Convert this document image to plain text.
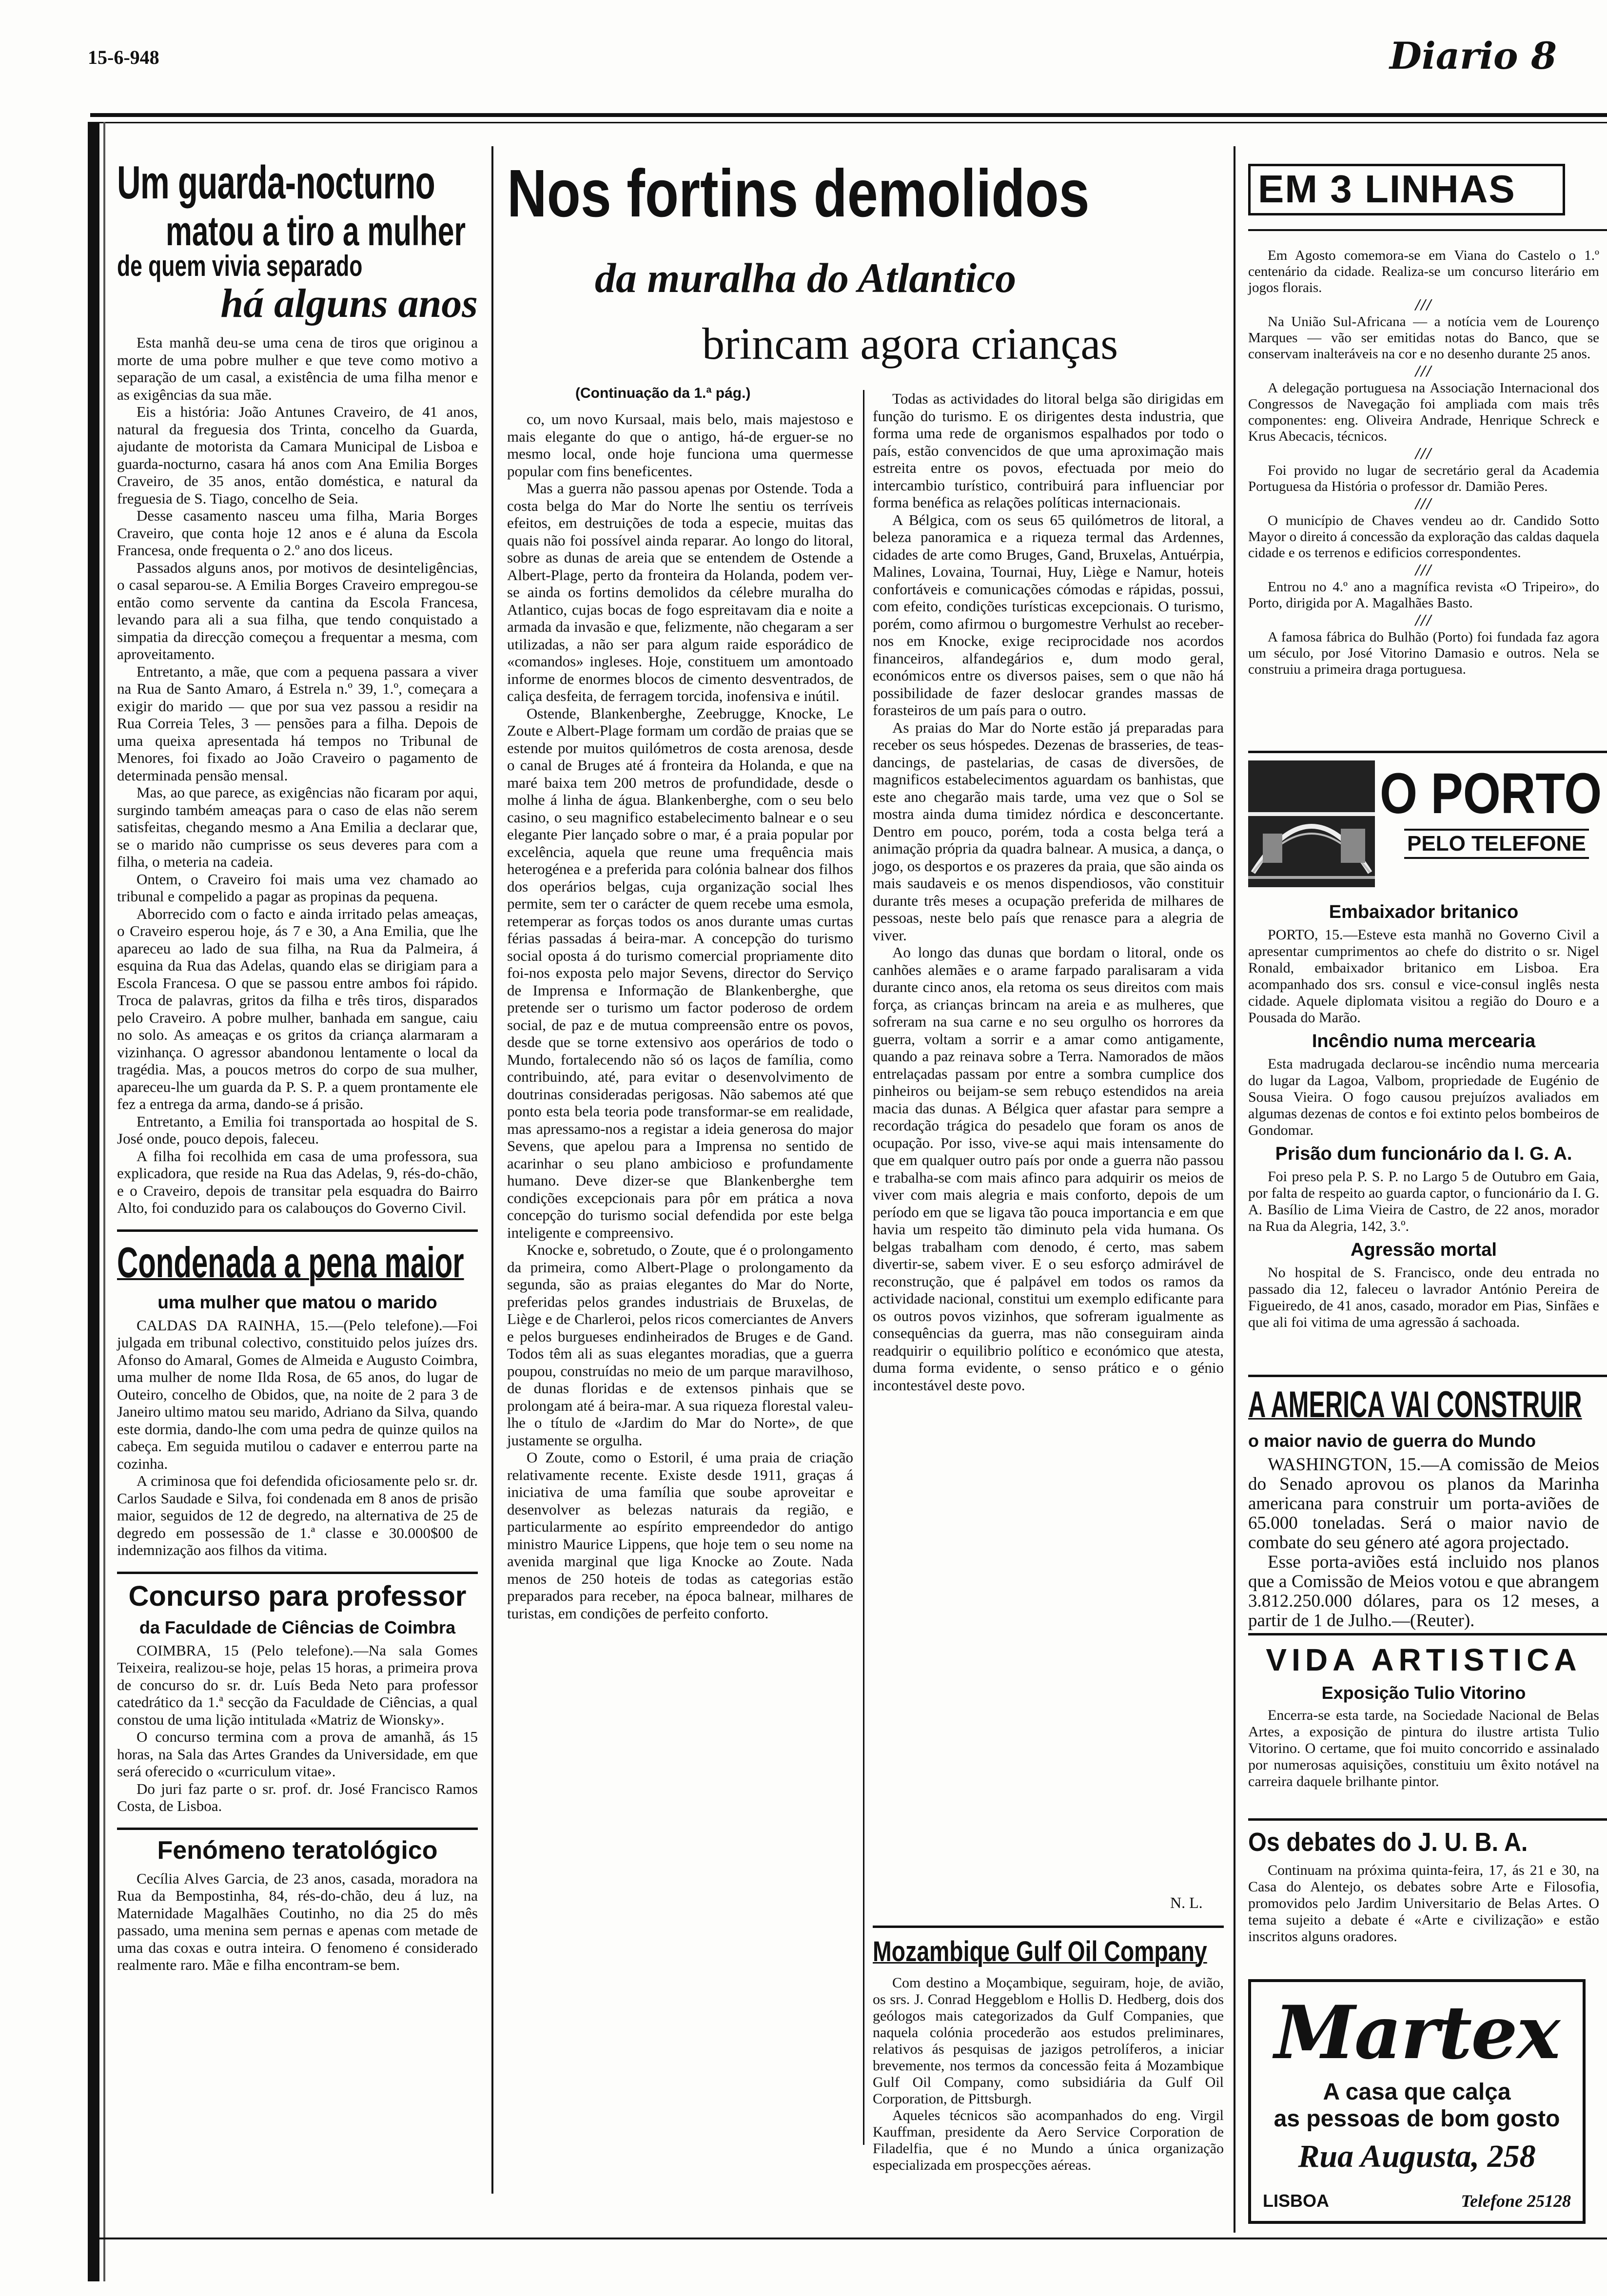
15-6-948	Diario 8
Um guarda-nocturno
matou a tiro a mulher
de quem vivia separado
há alguns anos

Esta manhã deu-se uma cena de tiros que originou a morte de uma pobre mulher e que teve como motivo a separação de um casal, a existência de uma filha menor e as exigências da sua mãe.

Eis a história: João Antunes Craveiro, de 41 anos, natural da freguesia dos Trinta, concelho da Guarda, ajudante de motorista da Camara Municipal de Lisboa e guarda-nocturno, casara há anos com Ana Emilia Borges Craveiro, de 35 anos, então doméstica, e natural da freguesia de S. Tiago, concelho de Seia.

Desse casamento nasceu uma filha, Maria Borges Craveiro, que conta hoje 12 anos e é aluna da Escola Francesa, onde frequenta o 2.º ano dos liceus.

Passados alguns anos, por motivos de desinteligências, o casal separou-se. A Emilia Borges Craveiro empregou-se então como servente da cantina da Escola Francesa, levando para ali a sua filha, que tendo conquistado a simpatia da direcção começou a frequentar a mesma, com aproveitamento.

Entretanto, a mãe, que com a pequena passara a viver na Rua de Santo Amaro, á Estrela n.º 39, 1.º, começara a exigir do marido — que por sua vez passou a residir na Rua Correia Teles, 3 — pensões para a filha. Depois de uma queixa apresentada há tempos no Tribunal de Menores, foi fixado ao João Craveiro o pagamento de determinada pensão mensal.

Mas, ao que parece, as exigências não ficaram por aqui, surgindo também ameaças para o caso de elas não serem satisfeitas, chegando mesmo a Ana Emilia a declarar que, se o marido não cumprisse os seus deveres para com a filha, o meteria na cadeia.

Ontem, o Craveiro foi mais uma vez chamado ao tribunal e compelido a pagar as propinas da pequena.

Aborrecido com o facto e ainda irritado pelas ameaças, o Craveiro esperou hoje, ás 7 e 30, a Ana Emilia, que lhe apareceu ao lado de sua filha, na Rua da Palmeira, á esquina da Rua das Adelas, quando elas se dirigiam para a Escola Francesa. O que se passou entre ambos foi rápido. Troca de palavras, gritos da filha e três tiros, disparados pelo Craveiro. A pobre mulher, banhada em sangue, caiu no solo. As ameaças e os gritos da criança alarmaram a vizinhança. O agressor abandonou lentamente o local da tragédia. Mas, a poucos metros do corpo de sua mulher, apareceu-lhe um guarda da P. S. P. a quem prontamente ele fez a entrega da arma, dando-se á prisão.

Entretanto, a Emilia foi transportada ao hospital de S. José onde, pouco depois, faleceu.

A filha foi recolhida em casa de uma professora, sua explicadora, que reside na Rua das Adelas, 9, rés-do-chão, e o Craveiro, depois de transitar pela esquadra do Bairro Alto, foi conduzido para os calabouços do Governo Civil.

Condenada a pena maior
uma mulher que matou o marido

CALDAS DA RAINHA, 15.—(Pelo telefone).—Foi julgada em tribunal colectivo, constituido pelos juízes drs. Afonso do Amaral, Gomes de Almeida e Augusto Coimbra, uma mulher de nome Ilda Rosa, de 65 anos, do lugar de Outeiro, concelho de Obidos, que, na noite de 2 para 3 de Janeiro ultimo matou seu marido, Adriano da Silva, quando este dormia, dando-lhe com uma pedra de quinze quilos na cabeça. Em seguida mutilou o cadaver e enterrou parte na cozinha.

A criminosa que foi defendida oficiosamente pelo sr. dr. Carlos Saudade e Silva, foi condenada em 8 anos de prisão maior, seguidos de 12 de degredo, na alternativa de 25 de degredo em possessão de 1.ª classe e 30.000$00 de indemnização aos filhos da vitima.

Concurso para professor
da Faculdade de Ciências de Coimbra

COIMBRA, 15 (Pelo telefone).—Na sala Gomes Teixeira, realizou-se hoje, pelas 15 horas, a primeira prova de concurso do sr. dr. Luís Beda Neto para professor catedrático da 1.ª secção da Faculdade de Ciências, a qual constou de uma lição intitulada «Matriz de Wionsky».

O concurso termina com a prova de amanhã, ás 15 horas, na Sala das Artes Grandes da Universidade, em que será oferecido o «curriculum vitae».

Do juri faz parte o sr. prof. dr. José Francisco Ramos Costa, de Lisboa.

Fenómeno teratológico

Cecília Alves Garcia, de 23 anos, casada, moradora na Rua da Bempostinha, 84, rés-do-chão, deu á luz, na Maternidade Magalhães Coutinho, no dia 25 do mês passado, uma menina sem pernas e apenas com metade de uma das coxas e outra inteira. O fenomeno é considerado realmente raro. Mãe e filha encontram-se bem.

Nos fortins demolidos
da muralha do Atlantico
brincam agora crianças
(Continuação da 1.ª pág.)

co, um novo Kursaal, mais belo, mais majestoso e mais elegante do que o antigo, há-de erguer-se no mesmo local, onde hoje funciona uma quermesse popular com fins beneficentes.

Mas a guerra não passou apenas por Ostende. Toda a costa belga do Mar do Norte lhe sentiu os terríveis efeitos, em destruições de toda a especie, muitas das quais não foi possível ainda reparar. Ao longo do litoral, sobre as dunas de areia que se entendem de Ostende a Albert-Plage, perto da fronteira da Holanda, podem ver-se ainda os fortins demolidos da célebre muralha do Atlantico, cujas bocas de fogo espreitavam dia e noite a armada da invasão e que, felizmente, não chegaram a ser utilizadas, a não ser para algum raide esporádico de «comandos» ingleses. Hoje, constituem um amontoado informe de enormes blocos de cimento desventrados, de caliça desfeita, de ferragem torcida, inofensiva e inútil.

Ostende, Blankenberghe, Zeebrugge, Knocke, Le Zoute e Albert-Plage formam um cordão de praias que se estende por muitos quilómetros de costa arenosa, desde o canal de Bruges até á fronteira da Holanda, e que na maré baixa tem 200 metros de profundidade, desde o molhe á linha de água. Blankenberghe, com o seu belo casino, o seu magnifico estabelecimento balnear e o seu elegante Pier lançado sobre o mar, é a praia popular por excelência, aquela que reune uma frequência mais heterogénea e a preferida para colónia balnear dos filhos dos operários belgas, cuja organização social lhes permite, sem ter o carácter de quem recebe uma esmola, retemperar as forças todos os anos durante umas curtas férias passadas á beira-mar. A concepção do turismo social oposta á do turismo comercial propriamente dito foi-nos exposta pelo major Sevens, director do Serviço de Imprensa e Informação de Blankenberghe, que pretende ser o turismo um factor poderoso de ordem social, de paz e de mutua compreensão entre os povos, desde que se torne extensivo aos operários de todo o Mundo, fortalecendo não só os laços de família, como contribuindo, até, para evitar o desenvolvimento de doutrinas consideradas perigosas. Não sabemos até que ponto esta bela teoria pode transformar-se em realidade, mas apressamo-nos a registar a ideia generosa do major Sevens, que apelou para a Imprensa no sentido de acarinhar o seu plano ambicioso e profundamente humano. Deve dizer-se que Blankenberghe tem condições excepcionais para pôr em prática a nova concepção do turismo social defendida por este belga inteligente e compreensivo.

Knocke e, sobretudo, o Zoute, que é o prolongamento da primeira, como Albert-Plage o prolongamento da segunda, são as praias elegantes do Mar do Norte, preferidas pelos grandes industriais de Bruxelas, de Liège e de Charleroi, pelos ricos comerciantes de Anvers e pelos burgueses endinheirados de Bruges e de Gand. Todos têm ali as suas elegantes moradias, que a guerra poupou, construídas no meio de um parque maravilhoso, de dunas floridas e de extensos pinhais que se prolongam até á beira-mar. A sua riqueza florestal valeu-lhe o título de «Jardim do Mar do Norte», de que justamente se orgulha.

O Zoute, como o Estoril, é uma praia de criação relativamente recente. Existe desde 1911, graças á iniciativa de uma família que soube aproveitar e desenvolver as belezas naturais da região, e particularmente ao espírito empreendedor do antigo ministro Maurice Lippens, que hoje tem o seu nome na avenida marginal que liga Knocke ao Zoute. Nada menos de 250 hoteis de todas as categorias estão preparados para receber, na época balnear, milhares de turistas, em condições de perfeito conforto.

Todas as actividades do litoral belga são dirigidas em função do turismo. E os dirigentes desta industria, que forma uma rede de organismos espalhados por todo o país, estão convencidos de que uma aproximação mais estreita entre os povos, efectuada por meio do intercambio turístico, contribuirá para influenciar por forma benéfica as relações políticas internacionais.

A Bélgica, com os seus 65 quilómetros de litoral, a beleza panoramica e a riqueza termal das Ardennes, cidades de arte como Bruges, Gand, Bruxelas, Antuérpia, Malines, Lovaina, Tournai, Huy, Liège e Namur, hoteis confortáveis e comunicações cómodas e rápidas, possui, com efeito, condições turísticas excepcionais. O turismo, porém, como afirmou o burgomestre Verhulst ao receber-nos em Knocke, exige reciprocidade nos acordos financeiros, alfandegários e, dum modo geral, económicos entre os diversos paises, sem o que não há possibilidade de fazer deslocar grandes massas de forasteiros de um país para o outro.

As praias do Mar do Norte estão já preparadas para receber os seus hóspedes. Dezenas de brasseries, de teas-dancings, de pastelarias, de casas de diversões, de magnificos estabelecimentos aguardam os banhistas, que este ano chegarão mais tarde, uma vez que o Sol se mostra ainda duma timidez nórdica e desconcertante. Dentro em pouco, porém, toda a costa belga terá a animação própria da quadra balnear. A musica, a dança, o jogo, os desportos e os prazeres da praia, que são ainda os mais saudaveis e os menos dispendiosos, vão constituir durante três meses a ocupação preferida de milhares de pessoas, neste belo país que renasce para a alegria de viver.

Ao longo das dunas que bordam o litoral, onde os canhões alemães e o arame farpado paralisaram a vida durante cinco anos, ela retoma os seus direitos com mais força, as crianças brincam na areia e as mulheres, que sofreram na sua carne e no seu orgulho os horrores da guerra, voltam a sorrir e a amar como antigamente, quando a paz reinava sobre a Terra. Namorados de mãos entrelaçadas passam por entre a sombra cumplice dos pinheiros ou beijam-se sem rebuço estendidos na areia macia das dunas. A Bélgica quer afastar para sempre a recordação trágica do pesadelo que foram os anos de ocupação. Por isso, vive-se aqui mais intensamente do que em qualquer outro país por onde a guerra não passou e trabalha-se com mais afinco para adquirir os meios de viver com mais alegria e mais conforto, depois de um período em que se ligava tão pouca importancia e em que havia um respeito tão diminuto pela vida humana. Os belgas trabalham com denodo, é certo, mas sabem divertir-se, sabem viver. E o seu esforço admirável de reconstrução, que é palpável em todos os ramos da actividade nacional, constitui um exemplo edificante para os outros povos vizinhos, que sofreram igualmente as consequências da guerra, mas não conseguiram ainda readquirir o equilibrio político e económico que atesta, duma forma evidente, o senso prático e o génio incontestável deste povo.

N. L.
Mozambique Gulf Oil Company

Com destino a Moçambique, seguiram, hoje, de avião, os srs. J. Conrad Heggeblom e Hollis D. Hedberg, dois dos geólogos mais categorizados da Gulf Companies, que naquela colónia procederão aos estudos preliminares, relativos ás pesquisas de jazigos petrolíferos, a iniciar brevemente, nos termos da concessão feita á Mozambique Gulf Oil Company, como subsidiária da Gulf Oil Corporation, de Pittsburgh.

Aqueles técnicos são acompanhados do eng. Virgil Kauffman, presidente da Aero Service Corporation de Filadelfia, que é no Mundo a única organização especializada em prospecções aéreas.

EM 3 LINHAS

Em Agosto comemora-se em Viana do Castelo o 1.º centenário da cidade. Realiza-se um concurso literário em jogos florais.

///

Na União Sul-Africana — a notícia vem de Lourenço Marques — vão ser emitidas notas do Banco, que se conservam inalteráveis na cor e no desenho durante 25 anos.

///

A delegação portuguesa na Associação Internacional dos Congressos de Navegação foi ampliada com mais três componentes: eng. Oliveira Andrade, Henrique Schreck e Krus Abecacis, técnicos.

///

Foi provido no lugar de secretário geral da Academia Portuguesa da História o professor dr. Damião Peres.

///

O município de Chaves vendeu ao dr. Candido Sotto Mayor o direito á concessão da exploração das caldas daquela cidade e os terrenos e edificios correspondentes.

///

Entrou no 4.º ano a magnífica revista «O Tripeiro», do Porto, dirigida por A. Magalhães Basto.

///

A famosa fábrica do Bulhão (Porto) foi fundada faz agora um século, por José Vitorino Damasio e outros. Nela se construiu a primeira draga portuguesa.

O PORTO
PELO TELEFONE
Embaixador britanico
PORTO, 15.—Esteve esta manhã no Governo Civil a apresentar cumprimentos ao chefe do distrito o sr. Nigel Ronald, embaixador britanico em Lisboa. Era acompanhado dos srs. consul e vice-consul inglês nesta cidade. Aquele diplomata visitou a região do Douro e a Pousada do Marão.
Incêndio numa mercearia
Esta madrugada declarou-se incêndio numa mercearia do lugar da Lagoa, Valbom, propriedade de Eugénio de Sousa Vieira. O fogo causou prejuízos avaliados em algumas dezenas de contos e foi extinto pelos bombeiros de Gondomar.
Prisão dum funcionário da I. G. A.
Foi preso pela P. S. P. no Largo 5 de Outubro em Gaia, por falta de respeito ao guarda captor, o funcionário da I. G. A. Basílio de Lima Vieira de Castro, de 22 anos, morador na Rua da Alegria, 142, 3.º.
Agressão mortal
No hospital de S. Francisco, onde deu entrada no passado dia 12, faleceu o lavrador António Pereira de Figueiredo, de 41 anos, casado, morador em Pias, Sinfães e que ali foi vitima de uma agressão á sachoada.
A AMERICA VAI CONSTRUIR
o maior navio de guerra do Mundo

WASHINGTON, 15.—A comissão de Meios do Senado aprovou os planos da Marinha americana para construir um porta-aviões de 65.000 toneladas. Será o maior navio de combate do seu género até agora projectado.

Esse porta-aviões está incluido nos planos que a Comissão de Meios votou e que abrangem 3.812.250.000 dólares, para os 12 meses, a partir de 1 de Julho.—(Reuter).

VIDA ARTISTICA
Exposição Tulio Vitorino
Encerra-se esta tarde, na Sociedade Nacional de Belas Artes, a exposição de pintura do ilustre artista Tulio Vitorino. O certame, que foi muito concorrido e assinalado por numerosas aquisições, constituiu um êxito notável na carreira daquele brilhante pintor.
Os debates do J. U. B. A.
Continuam na próxima quinta-feira, 17, ás 21 e 30, na Casa do Alentejo, os debates sobre Arte e Filosofia, promovidos pelo Jardim Universitario de Belas Artes. O tema sujeito a debate é «Arte e civilização» e estão inscritos alguns oradores.
Martex
A casa que calça
as pessoas de bom gosto
Rua Augusta, 258
LISBOA	Telefone 25128
